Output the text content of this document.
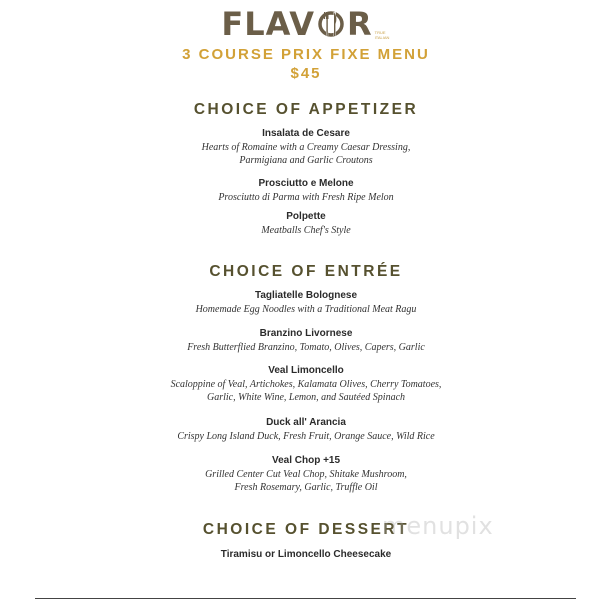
FLAV R TRUE ITALIAN
3 COURSE PRIX FIXE MENU
$45
CHOICE OF APPETIZER
Insalata de Cesare
Hearts of Romaine with a Creamy Caesar Dressing,
Parmigiana and Garlic Croutons
Prosciutto e Melone
Prosciutto di Parma with Fresh Ripe Melon
Polpette
Meatballs Chef's Style
CHOICE OF ENTRÉE
Tagliatelle Bolognese
Homemade Egg Noodles with a Traditional Meat Ragu
Branzino Livornese
Fresh Butterflied Branzino, Tomato, Olives, Capers, Garlic
Veal Limoncello
Scaloppine of Veal, Artichokes, Kalamata Olives, Cherry Tomatoes,
Garlic, White Wine, Lemon, and Sautéed Spinach
Duck all' Arancia
Crispy Long Island Duck, Fresh Fruit, Orange Sauce, Wild Rice
Veal Chop +15
Grilled Center Cut Veal Chop, Shitake Mushroom,
Fresh Rosemary, Garlic, Truffle Oil
CHOICE OF DESSERT
Tiramisu or Limoncello Cheesecake
menupix
